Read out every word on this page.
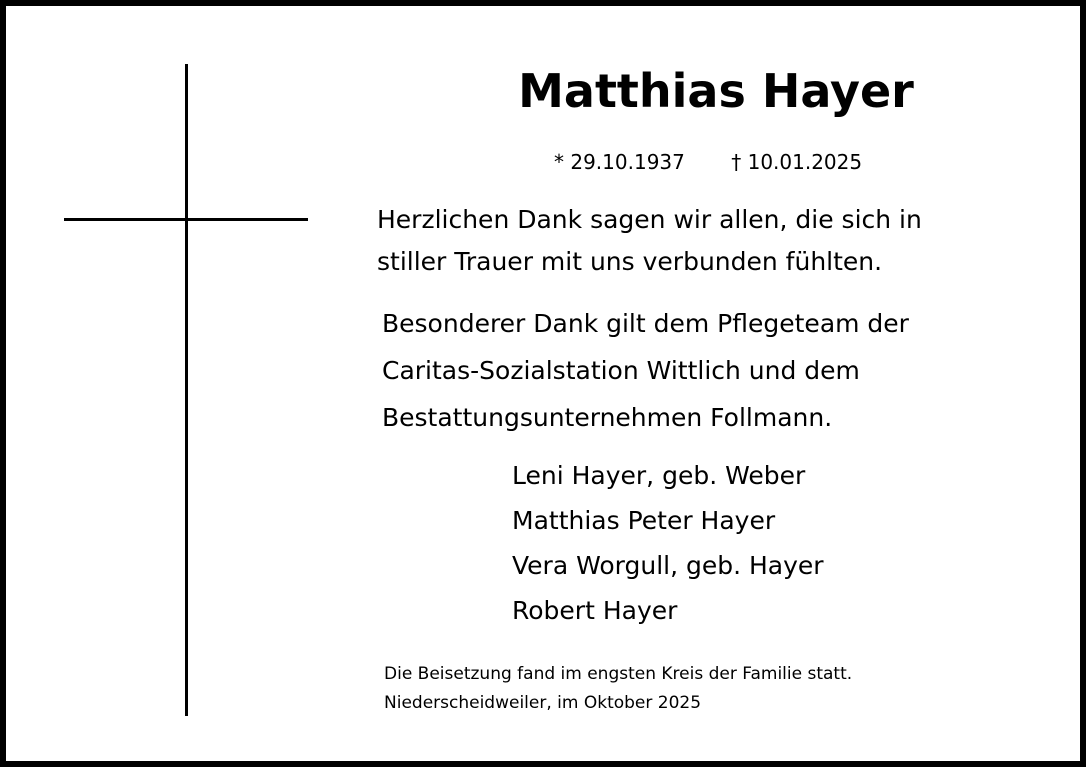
Matthias Hayer
* 29.10.1937 † 10.01.2025
Herzlichen Dank sagen wir allen, die sich in
stiller Trauer mit uns verbunden fühlten.
Besonderer Dank gilt dem Pflegeteam der
Caritas-Sozialstation Wittlich und dem
Bestattungsunternehmen Follmann.
Leni Hayer, geb. Weber
Matthias Peter Hayer
Vera Worgull, geb. Hayer
Robert Hayer
Die Beisetzung fand im engsten Kreis der Familie statt.
Niederscheidweiler, im Oktober 2025
